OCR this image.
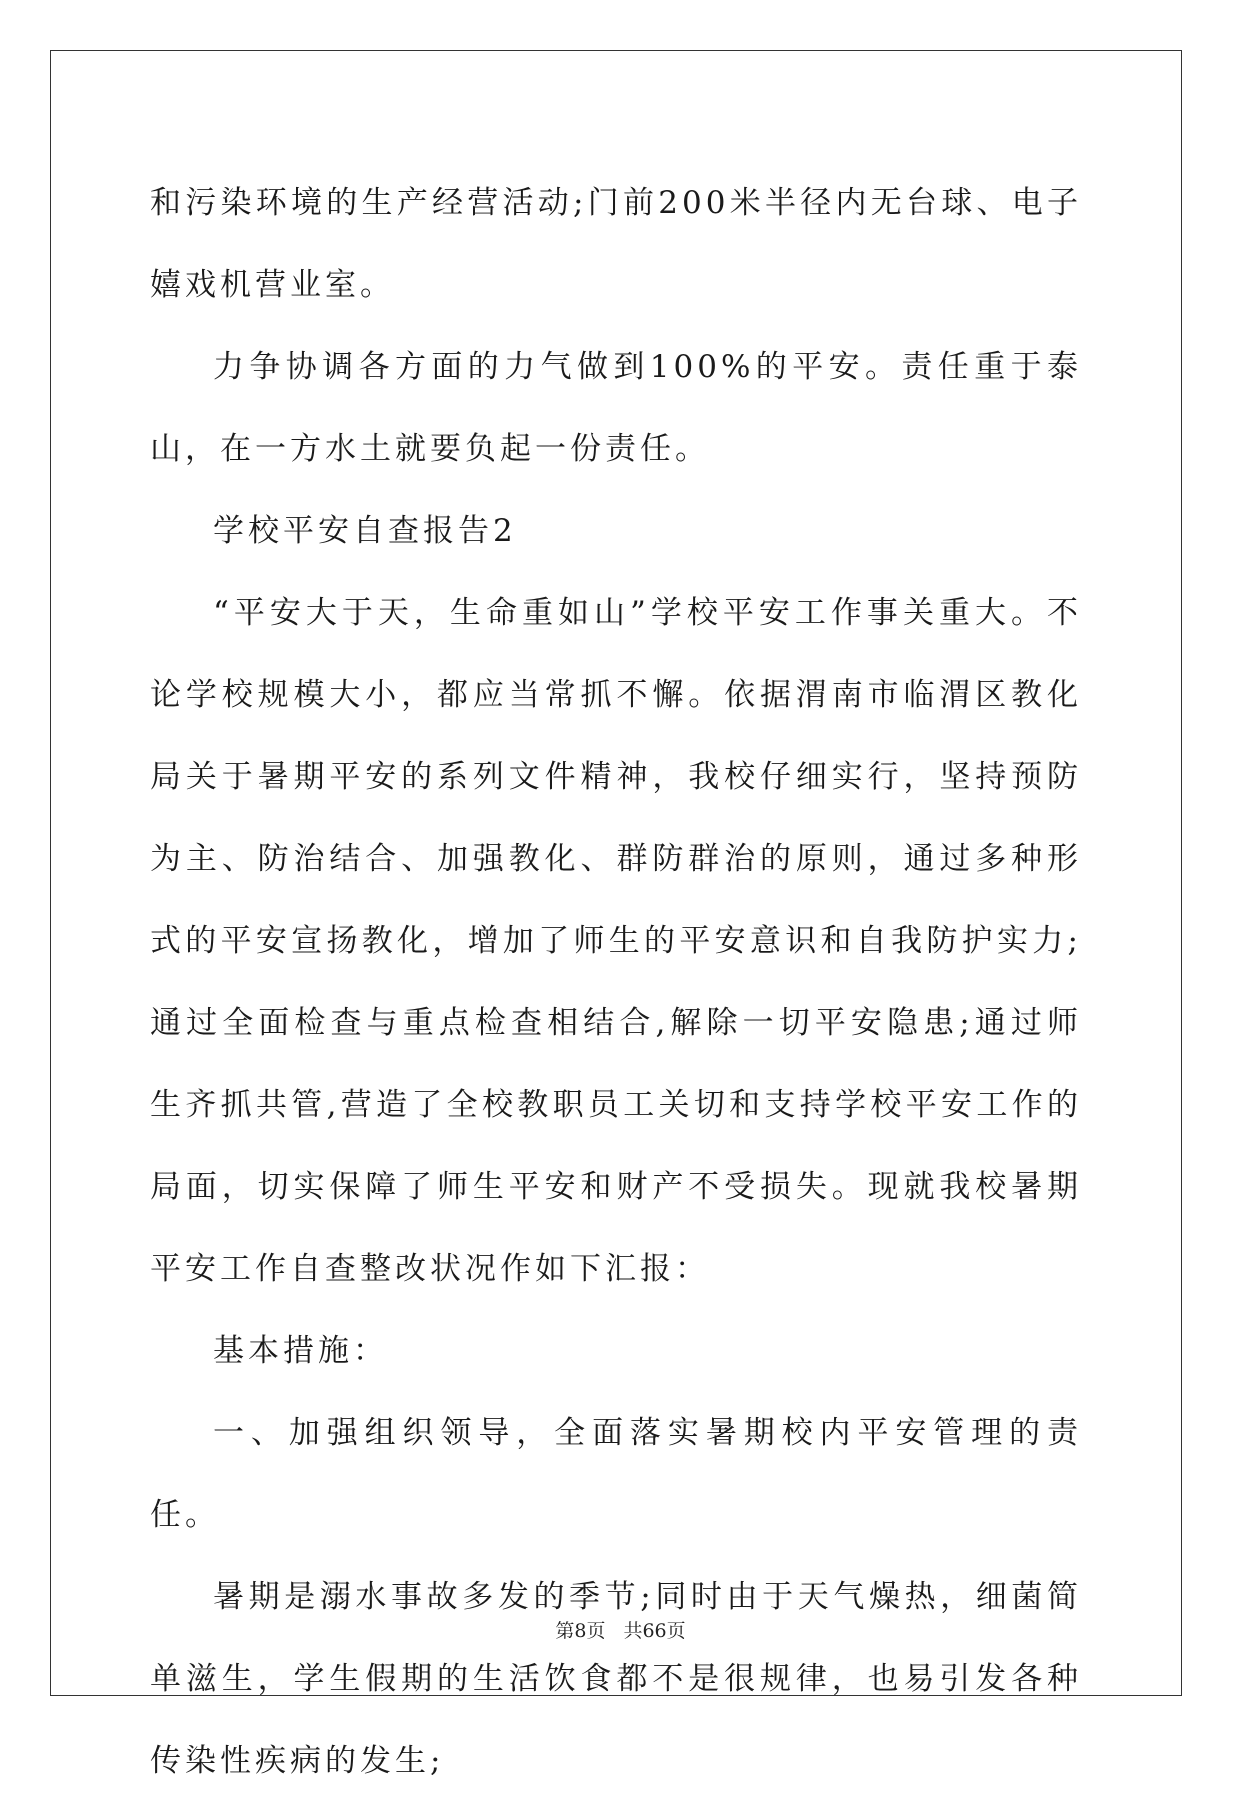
和污染环境的生产经营活动;门前200米半径内无台球、电子嬉戏机营业室。

力争协调各方面的力气做到100%的平安。责任重于泰山，在一方水土就要负起一份责任。

学校平安自查报告2

“平安大于天，生命重如山”学校平安工作事关重大。不论学校规模大小，都应当常抓不懈。依据渭南市临渭区教化局关于暑期平安的系列文件精神，我校仔细实行，坚持预防为主、防治结合、加强教化、群防群治的原则，通过多种形式的平安宣扬教化，增加了师生的平安意识和自我防护实力;通过全面检查与重点检查相结合,解除一切平安隐患;通过师生齐抓共管,营造了全校教职员工关切和支持学校平安工作的局面，切实保障了师生平安和财产不受损失。现就我校暑期平安工作自查整改状况作如下汇报：

基本措施：

一、加强组织领导，全面落实暑期校内平安管理的责任。

暑期是溺水事故多发的季节;同时由于天气燥热，细菌简单滋生，学生假期的生活饮食都不是很规律，也易引发各种传染性疾病的发生;

第8页 共66页
